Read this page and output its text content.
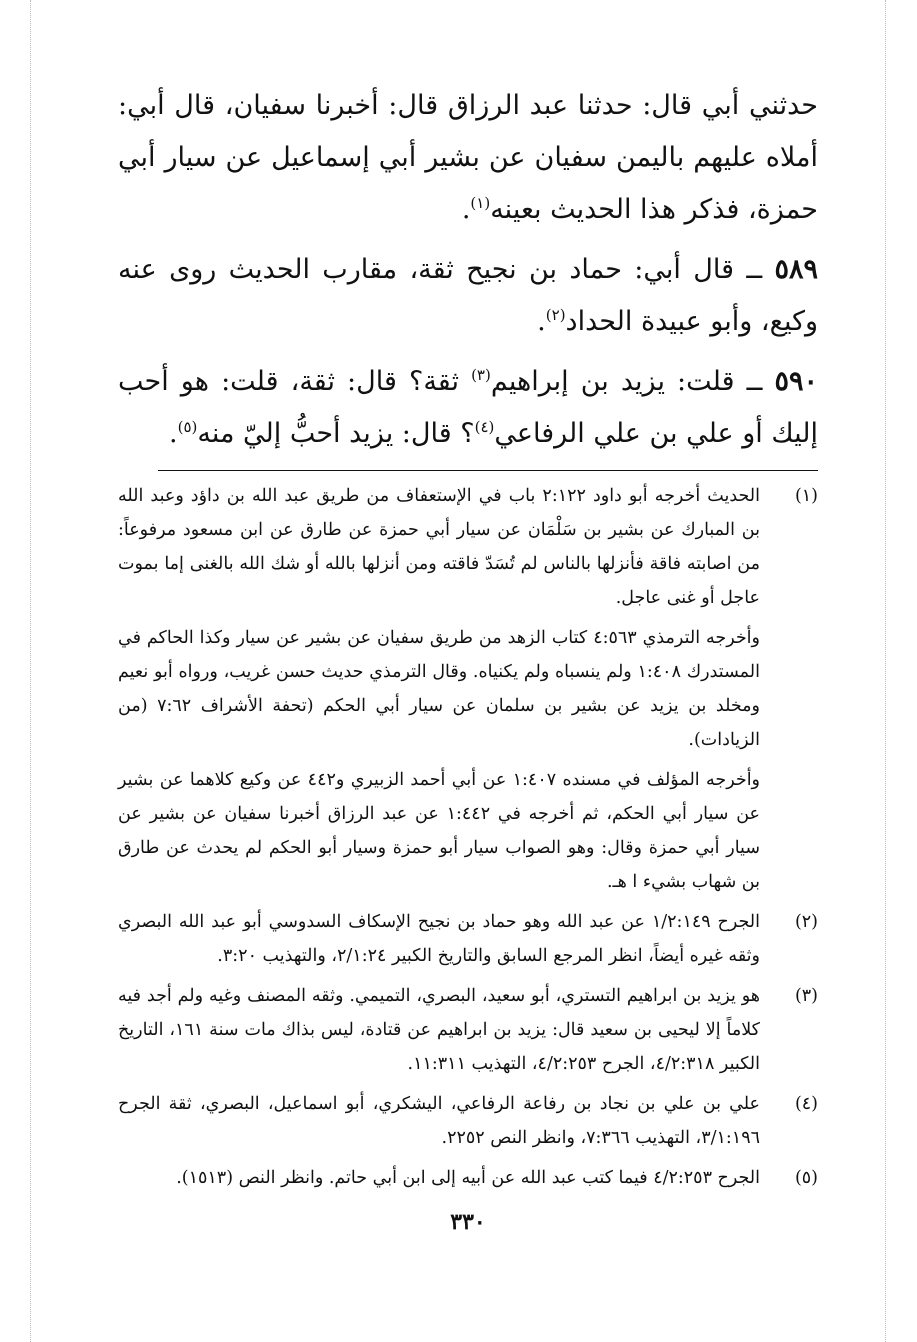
حدثني أبي قال: حدثنا عبد الرزاق قال: أخبرنا سفيان، قال أبي: أملاه عليهم باليمن سفيان عن بشير أبي إسماعيل عن سيار أبي حمزة، فذكر هذا الحديث بعينه$^{(١)}$.

٥٨٩ ــ قال أبي: حماد بن نجيح ثقة، مقارب الحديث روى عنه وكيع، وأبو عبيدة الحداد$^{(٢)}$.

٥٩٠ ــ قلت: يزيد بن إبراهيم$^{(٣)}$ ثقة؟ قال: ثقة، قلت: هو أحب إليك أو علي بن علي الرفاعي$^{(٤)}$؟ قال: يزيد أحبُّ إليّ منه$^{(٥)}$.

(١)

الحديث أخرجه أبو داود ٢:١٢٢ باب في الإستعفاف من طريق عبد الله بن داؤد وعبد الله بن المبارك عن بشير بن سَلْمَان عن سيار أبي حمزة عن طارق عن ابن مسعود مرفوعاً: من اصابته فاقة فأنزلها بالناس لم تُسَدّ فاقته ومن أنزلها بالله أو شك الله بالغنى إما بموت عاجل أو غنى عاجل.

وأخرجه الترمذي ٤:٥٦٣ كتاب الزهد من طريق سفيان عن بشير عن سيار وكذا الحاكم في المستدرك ١:٤٠٨ ولم ينسباه ولم يكنياه. وقال الترمذي حديث حسن غريب، ورواه أبو نعيم ومخلد بن يزيد عن بشير بن سلمان عن سيار أبي الحكم (تحفة الأشراف ٧:٦٢ (من الزيادات).

وأخرجه المؤلف في مسنده ١:٤٠٧ عن أبي أحمد الزبيري و٤٤٢ عن وكيع كلاهما عن بشير عن سيار أبي الحكم، ثم أخرجه في ١:٤٤٢ عن عبد الرزاق أخبرنا سفيان عن بشير عن سيار أبي حمزة وقال: وهو الصواب سيار أبو حمزة وسيار أبو الحكم لم يحدث عن طارق بن شهاب بشيء ا هـ.

(٢)

الجرح ١/٢:١٤٩ عن عبد الله وهو حماد بن نجيح الإسكاف السدوسي أبو عبد الله البصري وثقه غيره أيضاً، انظر المرجع السابق والتاريخ الكبير ٢/١:٢٤، والتهذيب ٣:٢٠.

(٣)

هو يزيد بن ابراهيم التستري، أبو سعيد، البصري، التميمي. وثقه المصنف وغيه ولم أجد فيه كلاماً إلا ليحيى بن سعيد قال: يزيد بن ابراهيم عن قتادة، ليس بذاك مات سنة ١٦١، التاريخ الكبير ٤/٢:٣١٨، الجرح ٤/٢:٢٥٣، التهذيب ١١:٣١١.

(٤)

علي بن علي بن نجاد بن رفاعة الرفاعي، اليشكري، أبو اسماعيل، البصري، ثقة الجرح ٣/١:١٩٦، التهذيب ٧:٣٦٦، وانظر النص ٢٢٥٢.

(٥)

الجرح ٤/٢:٢٥٣ فيما كتب عبد الله عن أبيه إلى ابن أبي حاتم. وانظر النص (١٥١٣).

٣٣٠
